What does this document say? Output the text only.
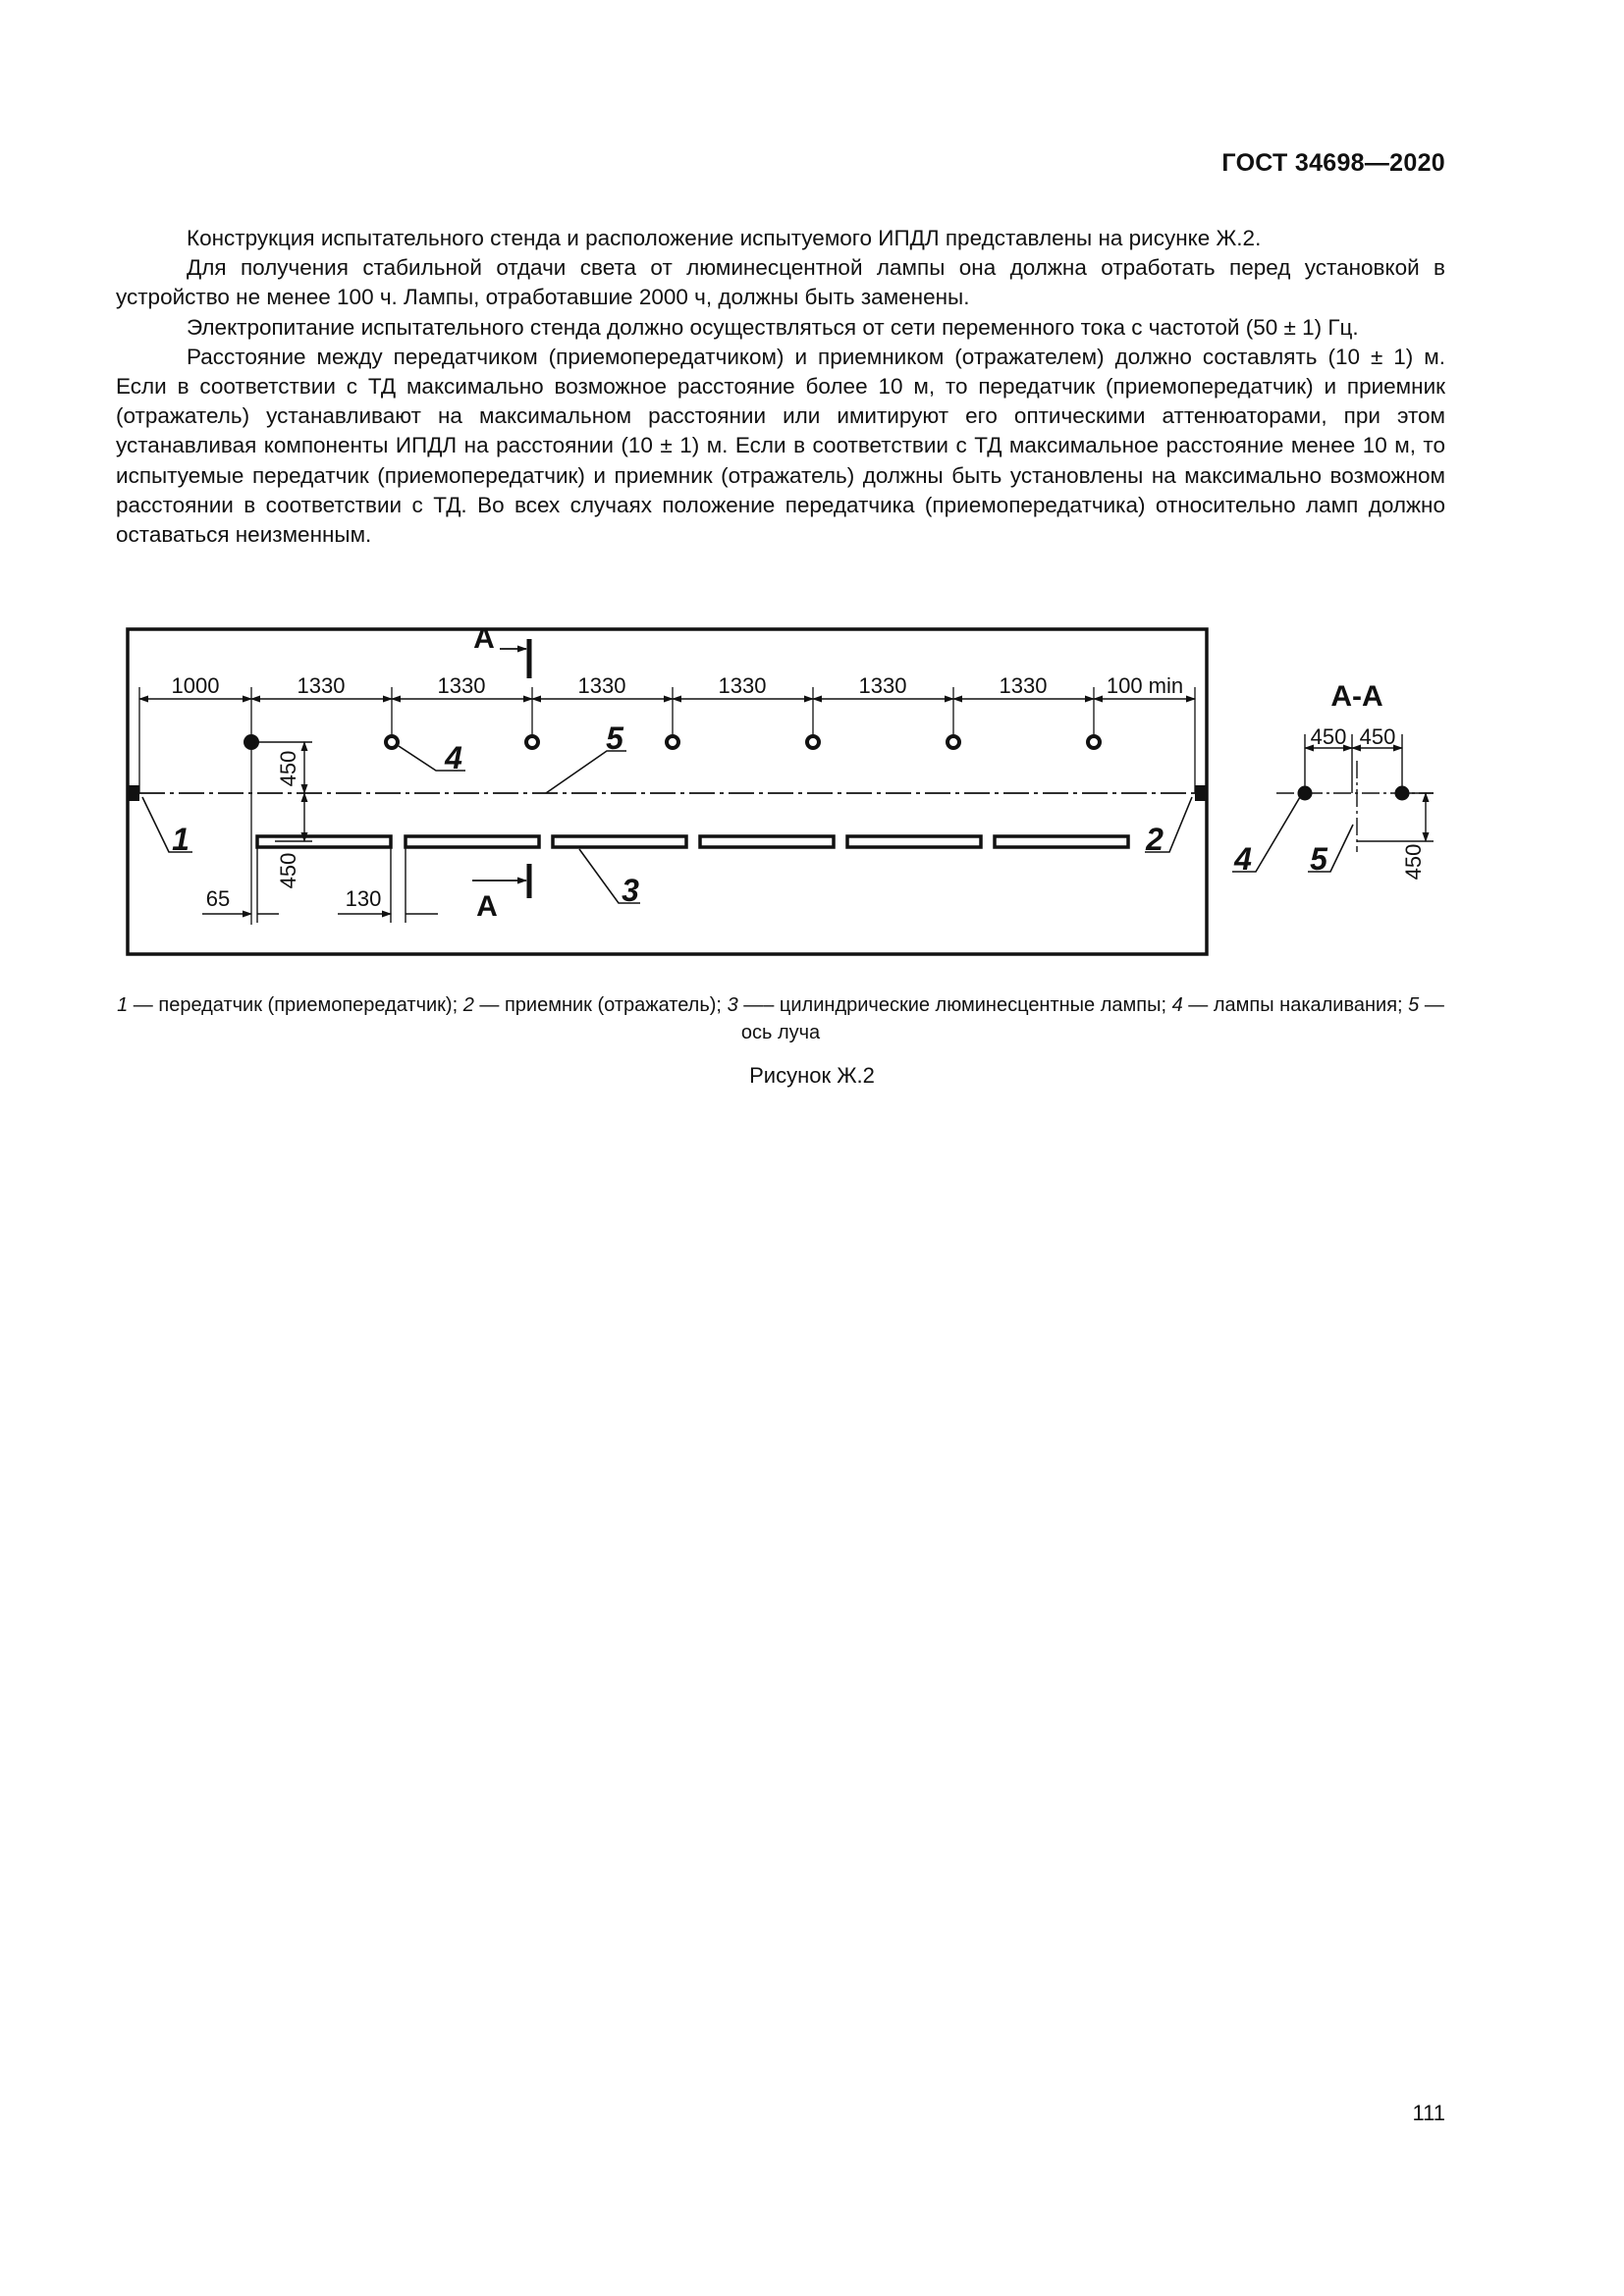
ГОСТ 34698—2020

Конструкция испытательного стенда и расположение испытуемого ИПДЛ представлены на рисунке Ж.2.

Для получения стабильной отдачи света от люминесцентной лампы она должна отработать перед установкой в устройство не менее 100 ч. Лампы, отработавшие 2000 ч, должны быть заменены.

Электропитание испытательного стенда должно осуществляться от сети переменного тока с частотой (50 ± 1) Гц.

Расстояние между передатчиком (приемопередатчиком) и приемником (отражателем) должно составлять (10 ± 1) м. Если в соответствии с ТД максимально возможное расстояние более 10 м, то передатчик (приемопередатчик) и приемник (отражатель) устанавливают на максимальном расстоянии или имитируют его оптическими аттенюаторами, при этом устанавливая компоненты ИПДЛ на расстоянии (10 ± 1) м. Если в соответствии с ТД максимальное расстояние менее 10 м, то испытуемые передатчик (приемопередатчик) и приемник (отражатель) должны быть установлены на максимально возможном расстоянии в соответствии с ТД. Во всех случаях положение передатчика (приемопередатчика) относительно ламп должно оставаться неизменным.

1000	1330	1330	1330	1330	1330	1330	100 min
450
450
65	130
А
А
1
4
5
3
2
А-А
450 450
450
4 5
1 — передатчик (приемопередатчик); 2 — приемник (отражатель); 3 —– цилиндрические люминесцентные лампы; 4 — лампы накаливания; 5 — ось луча
Рисунок Ж.2
111
